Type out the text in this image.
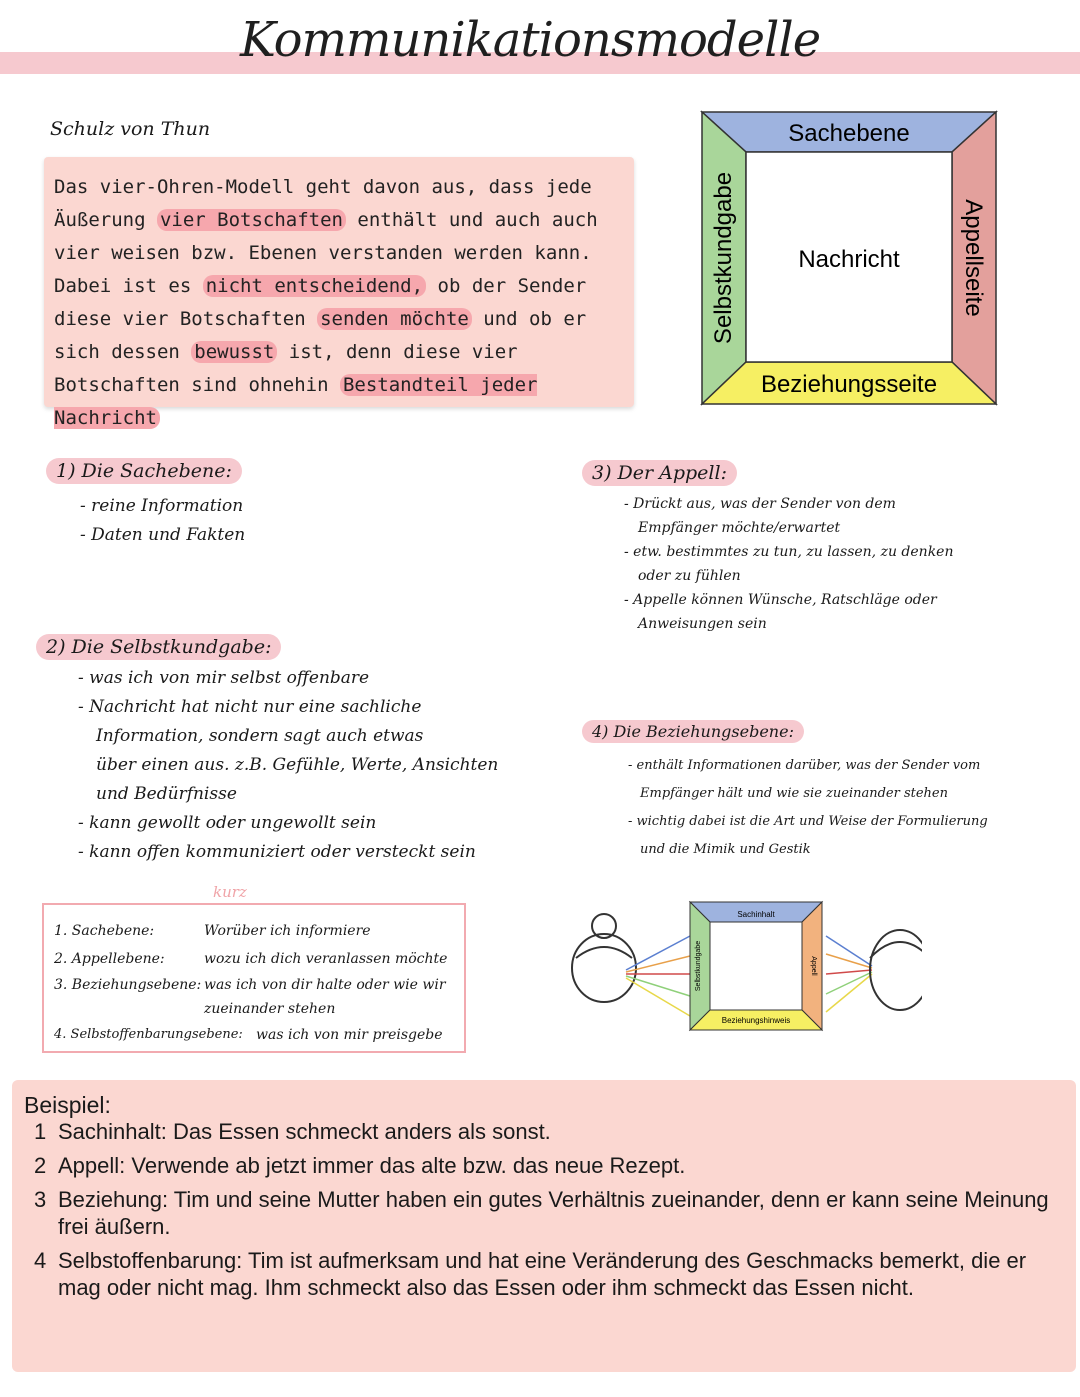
Kommunikationsmodelle
Schulz von Thun
Das vier-Ohren-Modell geht davon aus, dass jede Äußerung vier Botschaften enthält und auch auch vier weisen bzw. Ebenen verstanden werden kann. Dabei ist es nicht entscheidend, ob der Sender diese vier Botschaften senden möchte und ob er sich dessen bewusst ist, denn diese vier Botschaften sind ohnehin Bestandteil jeder Nachricht
Sachebene
Nachricht
Beziehungsseite
Selbstkundgabe	Appellseite
1) Die Sachebene:
- reine Information
- Daten und Fakten
2) Die Selbstkundgabe:
- was ich von mir selbst offenbare
- Nachricht hat nicht nur eine sachliche
Information, sondern sagt auch etwas
über einen aus. z.B. Gefühle, Werte, Ansichten
und Bedürfnisse
- kann gewollt oder ungewollt sein
- kann offen kommuniziert oder versteckt sein
3) Der Appell:
- Drückt aus, was der Sender von dem
Empfänger möchte/erwartet
- etw. bestimmtes zu tun, zu lassen, zu denken
oder zu fühlen
- Appelle können Wünsche, Ratschläge oder
Anweisungen sein
4) Die Beziehungsebene:
- enthält Informationen darüber, was der Sender vom
Empfänger hält und wie sie zueinander stehen
- wichtig dabei ist die Art und Weise der Formulierung
und die Mimik und Gestik
kurz
1. Sachebene:	Worüber ich informiere
2. Appellebene:	wozu ich dich veranlassen möchte
3. Beziehungsebene: was ich von dir halte oder wie wir
zueinander stehen
4. Selbstoffenbarungsebene: was ich von mir preisgebe
Sachinhalt
Beziehungshinweis
Selbstkundgabe	Appell
Beispiel:
1 Sachinhalt: Das Essen schmeckt anders als sonst.
2 Appell: Verwende ab jetzt immer das alte bzw. das neue Rezept.
3 Beziehung: Tim und seine Mutter haben ein gutes Verhältnis zueinander, denn er kann seine Meinung frei äußern.
4 Selbstoffenbarung: Tim ist aufmerksam und hat eine Veränderung des Geschmacks bemerkt, die er mag oder nicht mag. Ihm schmeckt also das Essen oder ihm schmeckt das Essen nicht.
